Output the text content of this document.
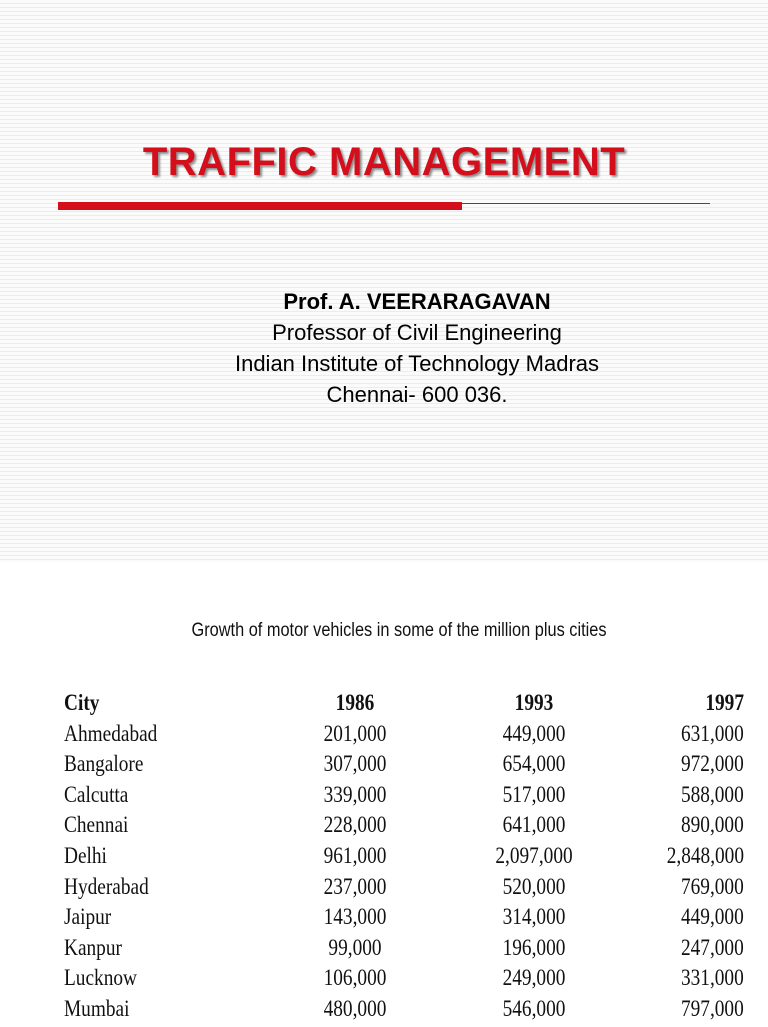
TRAFFIC MANAGEMENT
Prof. A. VEERARAGAVAN
Professor of Civil Engineering
Indian Institute of Technology Madras
Chennai- 600 036.
Growth of motor vehicles in some of the million plus cities
City	1986	1993	1997
Ahmedabad	201,000	449,000	631,000
Bangalore	307,000	654,000	972,000
Calcutta	339,000	517,000	588,000
Chennai	228,000	641,000	890,000
Delhi	961,000	2,097,000	2,848,000
Hyderabad	237,000	520,000	769,000
Jaipur	143,000	314,000	449,000
Kanpur	99,000	196,000	247,000
Lucknow	106,000	249,000	331,000
Mumbai	480,000	546,000	797,000
